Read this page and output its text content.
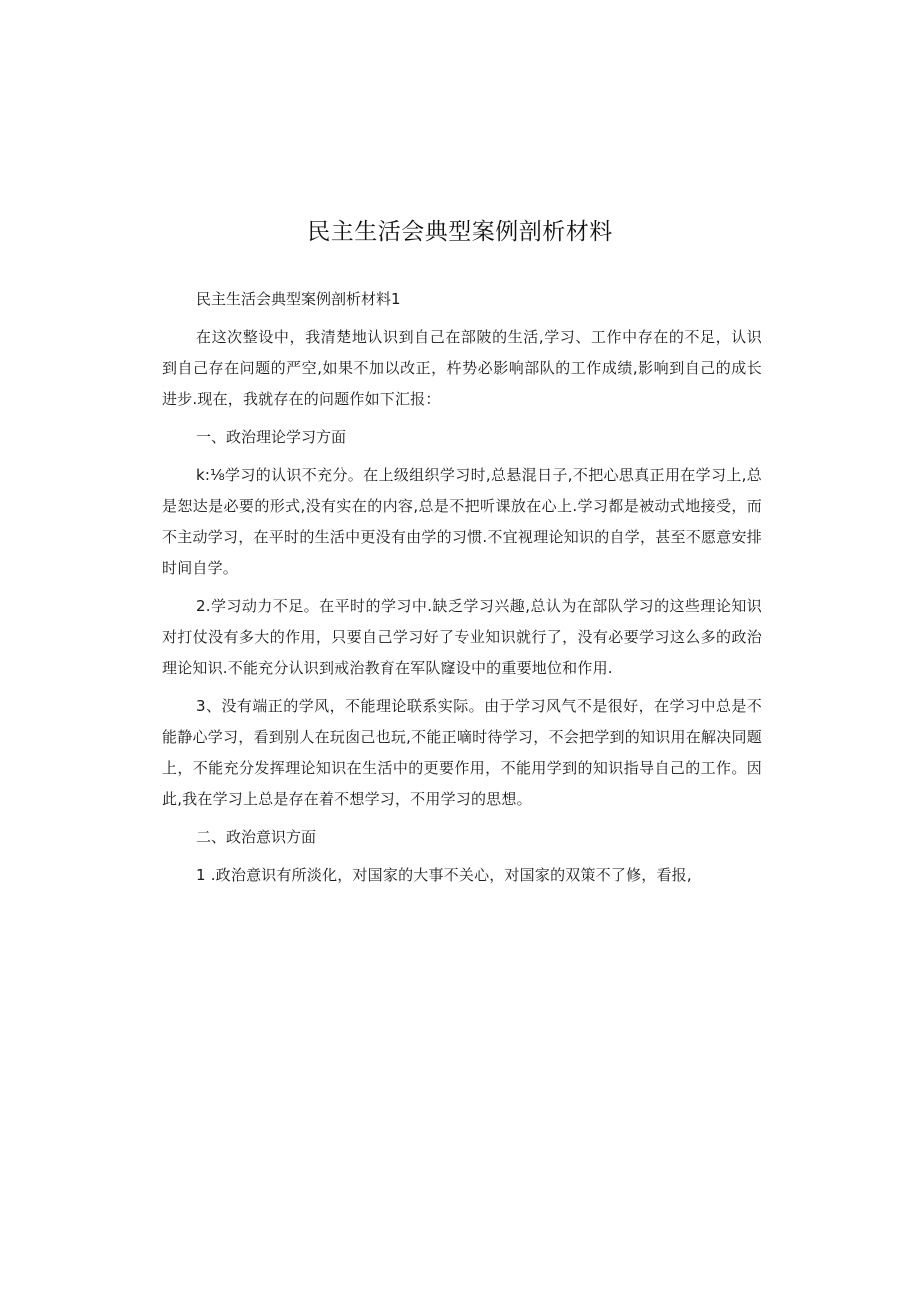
民主生活会典型案例剖析材料

民主生活会典型案例剖析材料1

在这次整设中，我清楚地认识到自己在部陂的生活,学习、工作中存在的不足，认识到自己存在问题的严空,如果不加以改正，杵势必影响部队的工作成绩,影响到自己的成长进步.现在，我就存在的问题作如下汇报：

一、政治理论学习方面

k:⅛学习的认识不充分。在上级组织学习时,总悬混日子,不把心思真正用在学习上,总是恕达是必要的形式,没有实在的内容,总是不把听课放在心上.学习都是被动式地接受，而不主动学习，在平时的生活中更没有由学的习惯.不宜视理论知识的自学，甚至不愿意安排时间自学。

2.学习动力不足。在平时的学习中.缺乏学习兴趣,总认为在部队学习的这些理论知识对打仗没有多大的作用，只要自己学习好了专业知识就行了，没有必要学习这么多的政治理论知识.不能充分认识到戒治教育在军队窿设中的重要地位和作用.

3、没有端正的学风，不能理论联系实际。由于学习风气不是很好，在学习中总是不能静心学习，看到别人在玩囱己也玩,不能正嘀时待学习，不会把学到的知识用在解决同题上，不能充分发挥理论知识在生活中的更要作用，不能用学到的知识指导自己的工作。因此,我在学习上总是存在着不想学习，不用学习的思想。

二、政治意识方面

1 .政治意识有所淡化，对国家的大事不关心，对国家的双策不了修，看报,
